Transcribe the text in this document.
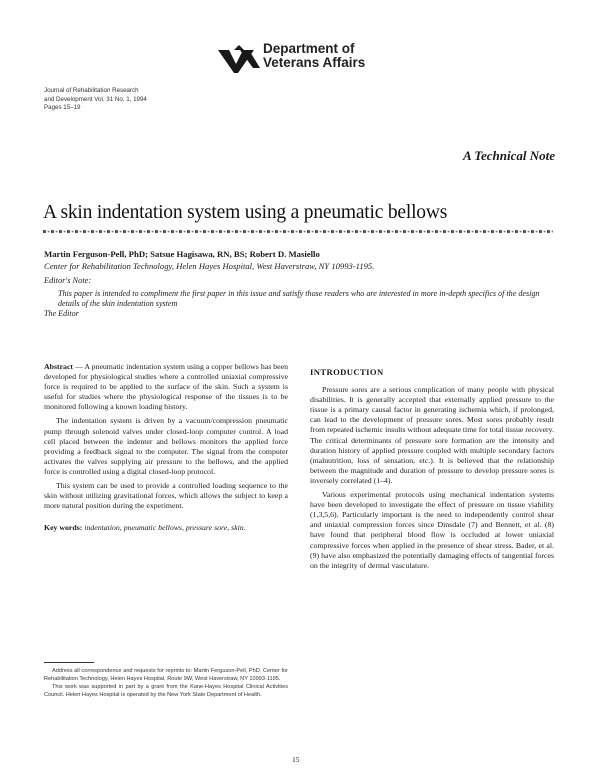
Department of
Veterans Affairs
Journal of Rehabilitation Research
and Development Vol. 31 No. 1, 1994
Pages 15–19
A Technical Note
A skin indentation system using a pneumatic bellows
Martin Ferguson-Pell, PhD; Satsue Hagisawa, RN, BS; Robert D. Masiello
Center for Rehabilitation Technology, Helen Hayes Hospital, West Haverstraw, NY 10993-1195.
Editor's Note:
This paper is intended to compliment the first paper in this issue and satisfy those readers who are interested in more in-depth specifics of the design details of the skin indentation system
The Editor

Abstract — A pneumatic indentation system using a copper bellows has been developed for physiological studies where a controlled uniaxial compressive force is required to be applied to the surface of the skin. Such a system is useful for studies where the physiological response of the tissues is to be monitored following a known loading history.

The indentation system is driven by a vacuum/compression pneumatic pump through solenoid valves under closed-loop computer control. A load cell placed between the indenter and bellows monitors the applied force providing a feedback signal to the computer. The signal from the computer activates the valves supplying air pressure to the bellows, and the applied force is controlled using a digital closed-loop protocol.

This system can be used to provide a controlled loading sequence to the skin without utilizing gravitational forces, which allows the subject to keep a more natural position during the experiment.

Key words: indentation, pneumatic bellows, pressure sore, skin.

Address all correspondence and requests for reprints to: Martin Ferguson-Pell, PhD, Center for Rehabilitation Technology, Helen Hayes Hospital, Route 9W, West Haverstraw, NY 10993-1195.
This work was supported in part by a grant from the Kane-Hayes Hospital Clinical Activities Council. Helen Hayes Hospital is operated by the New York State Department of Health.
INTRODUCTION

Pressure sores are a serious complication of many people with physical disabilities. It is generally accepted that externally applied pressure to the tissue is a primary causal factor in generating ischemia which, if prolonged, can lead to the development of pressure sores. Most sores probably result from repeated ischemic insults without adequate time for total tissue recovery. The critical determinants of pressure sore formation are the intensity and duration history of applied pressure coupled with multiple secondary factors (malnutrition, loss of sensation, etc.). It is believed that the relationship between the magnitude and duration of pressure to develop pressure sores is inversely correlated (1–4).

Various experimental protocols using mechanical indentation systems have been developed to investigate the effect of pressure on tissue viability (1,3,5,6). Particularly important is the need to independently control shear and uniaxial compression forces since Dinsdale (7) and Bennett, et al. (8) have found that peripheral blood flow is occluded at lower uniaxial compressive forces when applied in the presence of shear stress. Bader, et al. (9) have also emphasized the potentially damaging effects of tangential forces on the integrity of dermal vasculature.

15
